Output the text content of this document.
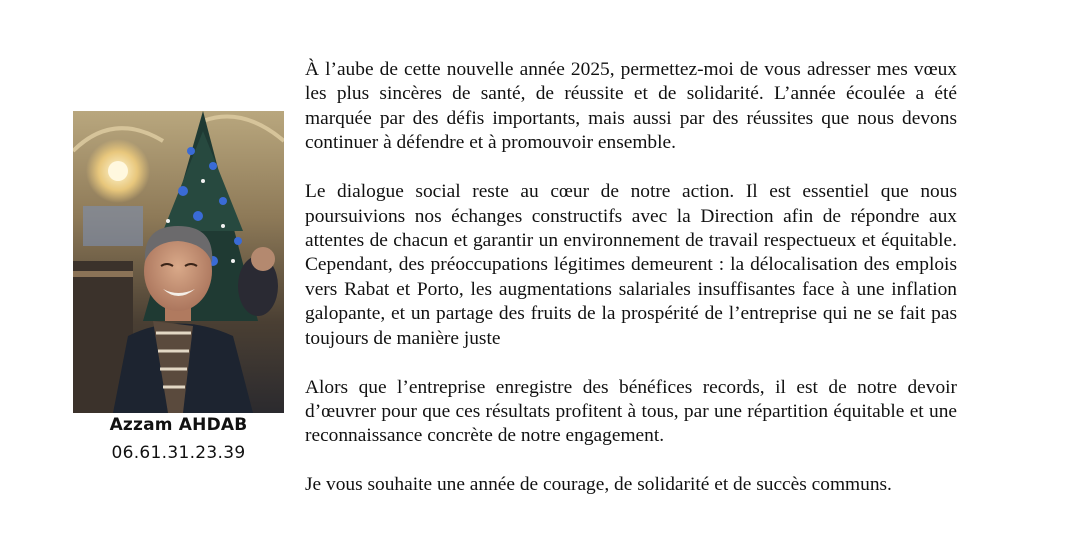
Azzam AHDAB
06.61.31.23.39

À l’aube de cette nouvelle année 2025, permettez-moi de vous adresser mes vœux les plus sincères de santé, de réussite et de solidarité. L’année écoulée a été marquée par des défis importants, mais aussi par des réussites que nous devons continuer à défendre et à promouvoir ensemble.

Le dialogue social reste au cœur de notre action. Il est essentiel que nous poursuivions nos échanges constructifs avec la Direction afin de répondre aux attentes de chacun et garantir un environnement de travail respectueux et équitable. Cependant, des préoccupations légitimes demeurent : la délocalisation des emplois vers Rabat et Porto, les augmentations salariales insuffisantes face à une inflation galopante, et un partage des fruits de la prospérité de l’entreprise qui ne se fait pas toujours de manière juste

Alors que l’entreprise enregistre des bénéfices records, il est de notre devoir d’œuvrer pour que ces résultats profitent à tous, par une répartition équitable et une reconnaissance concrète de notre engagement.

Je vous souhaite une année de courage, de solidarité et de succès communs.
